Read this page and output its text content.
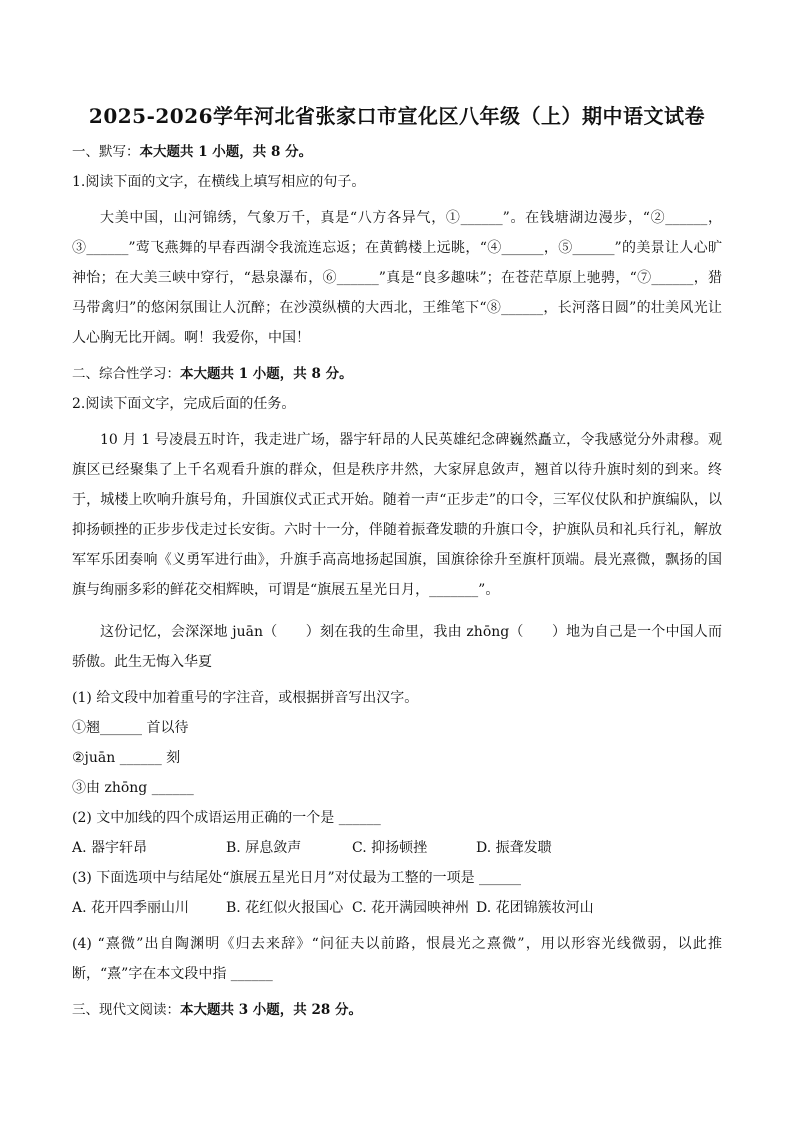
2025-2026学年河北省张家口市宣化区八年级（上）期中语文试卷
一、默写：本大题共 1 小题，共 8 分。
1.阅读下面的文字，在横线上填写相应的句子。
大美中国，山河锦绣，气象万千，真是“八方各异气，①______”。在钱塘湖边漫步，“②______，③______”莺飞燕舞的早春西湖令我流连忘返；在黄鹤楼上远眺，“④______，⑤______”的美景让人心旷神怡；在大美三峡中穿行，“悬泉瀑布，⑥______”真是“良多趣味”；在苍茫草原上驰骋，“⑦______，猎马带禽归”的悠闲氛围让人沉醉；在沙漠纵横的大西北，王维笔下“⑧______，长河落日圆”的壮美风光让人心胸无比开阔。啊！我爱你，中国！
二、综合性学习：本大题共 1 小题，共 8 分。
2.阅读下面文字，完成后面的任务。
10 月 1 号凌晨五时许，我走进广场，器宇轩昂的人民英雄纪念碑巍然矗立，令我感觉分外肃穆。观旗区已经聚集了上千名观看升旗的群众，但是秩序井然，大家屏息敛声，翘首以待升旗时刻的到来。终于，城楼上吹响升旗号角，升国旗仪式正式开始。随着一声“正步走”的口令，三军仪仗队和护旗编队，以抑扬顿挫的正步步伐走过长安街。六时十一分，伴随着振聋发聩的升旗口令，护旗队员和礼兵行礼，解放军军乐团奏响《义勇军进行曲》，升旗手高高地扬起国旗，国旗徐徐升至旗杆顶端。晨光熹微，飘扬的国旗与绚丽多彩的鲜花交相辉映，可谓是“旗展五星光日月，_______”。
这份记忆，会深深地 juān（　　）刻在我的生命里，我由 zhōng（　　）地为自己是一个中国人而骄傲。此生无悔入华夏
(1) 给文段中加着重号的字注音，或根据拼音写出汉字。
①翘______ 首以待
②juān ______ 刻
③由 zhōng ______
(2) 文中加线的四个成语运用正确的一个是 ______
A. 器宇轩昂	B. 屏息敛声	C. 抑扬顿挫	D. 振聋发聩
(3) 下面选项中与结尾处“旗展五星光日月”对仗最为工整的一项是 ______
A. 花开四季丽山川	B. 花红似火报国心 C. 花开满园映神州 D. 花团锦簇妆河山
(4) “熹微”出自陶渊明《归去来辞》“问征夫以前路，恨晨光之熹微”，用以形容光线微弱，以此推断，“熹”字在本文段中指 ______
三、现代文阅读：本大题共 3 小题，共 28 分。
